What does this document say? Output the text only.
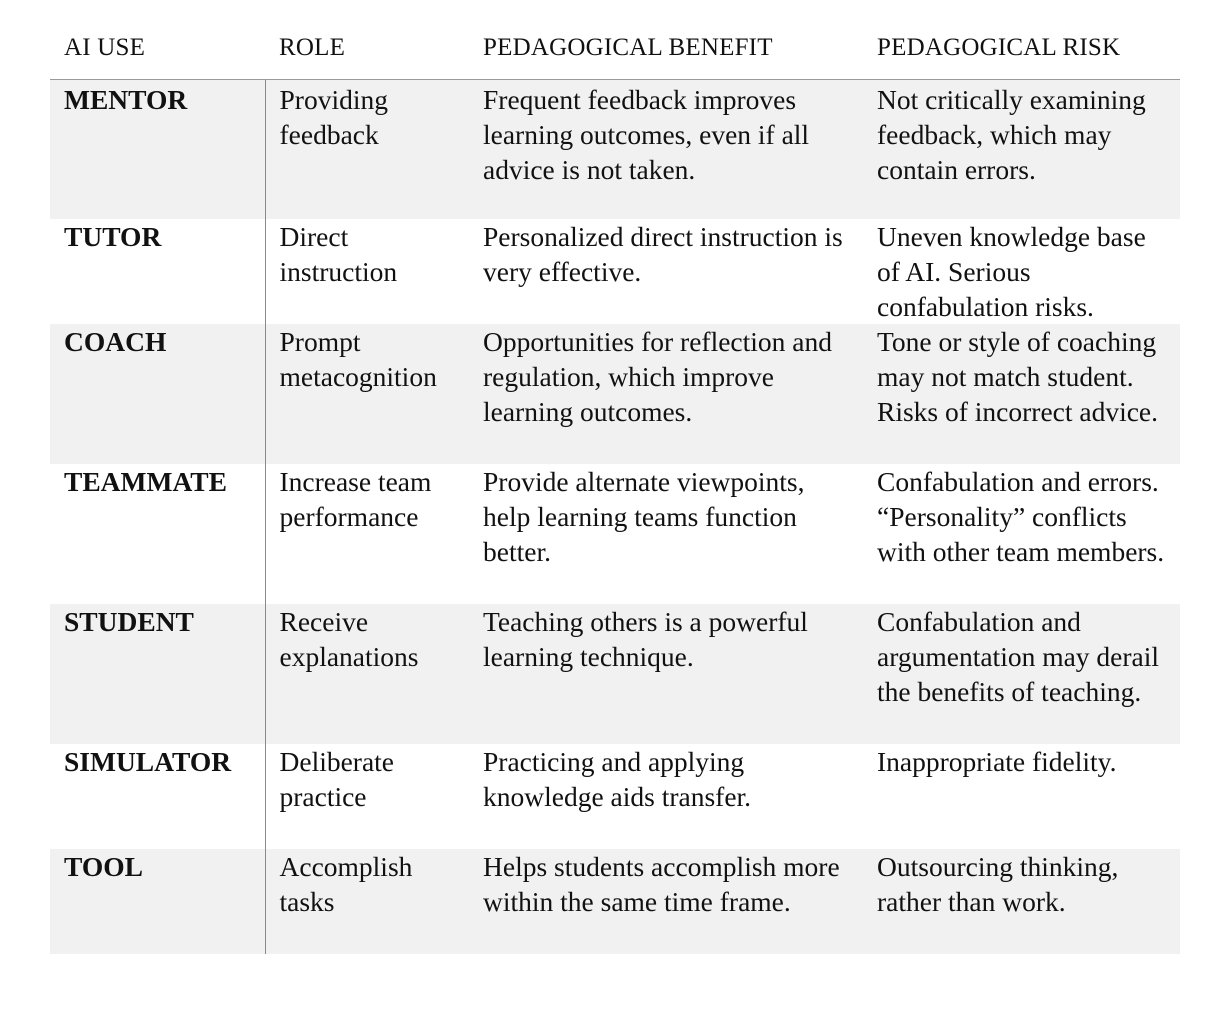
AI USE	ROLE	PEDAGOGICAL BENEFIT	PEDAGOGICAL RISK
MENTOR	Providing feedback	Frequent feedback improves learning outcomes, even if all advice is not taken.	Not critically examining feedback, which may contain errors.
TUTOR	Direct instruction	Personalized direct instruction is very effective.	Uneven knowledge base of AI. Serious confabulation risks.
COACH	Prompt metacognition	Opportunities for reflection and regulation, which improve learning outcomes.	Tone or style of coaching may not match student. Risks of incorrect advice.
TEAMMATE	Increase team performance	Provide alternate viewpoints, help learning teams function better.	Confabulation and errors. “Personality” conflicts with other team members.
STUDENT	Receive explanations	Teaching others is a powerful learning technique.	Confabulation and argumentation may derail the benefits of teaching.
SIMULATOR	Deliberate practice	Practicing and applying knowledge aids transfer.	Inappropriate fidelity.
TOOL	Accomplish tasks	Helps students accomplish more within the same time frame.	Outsourcing thinking, rather than work.
